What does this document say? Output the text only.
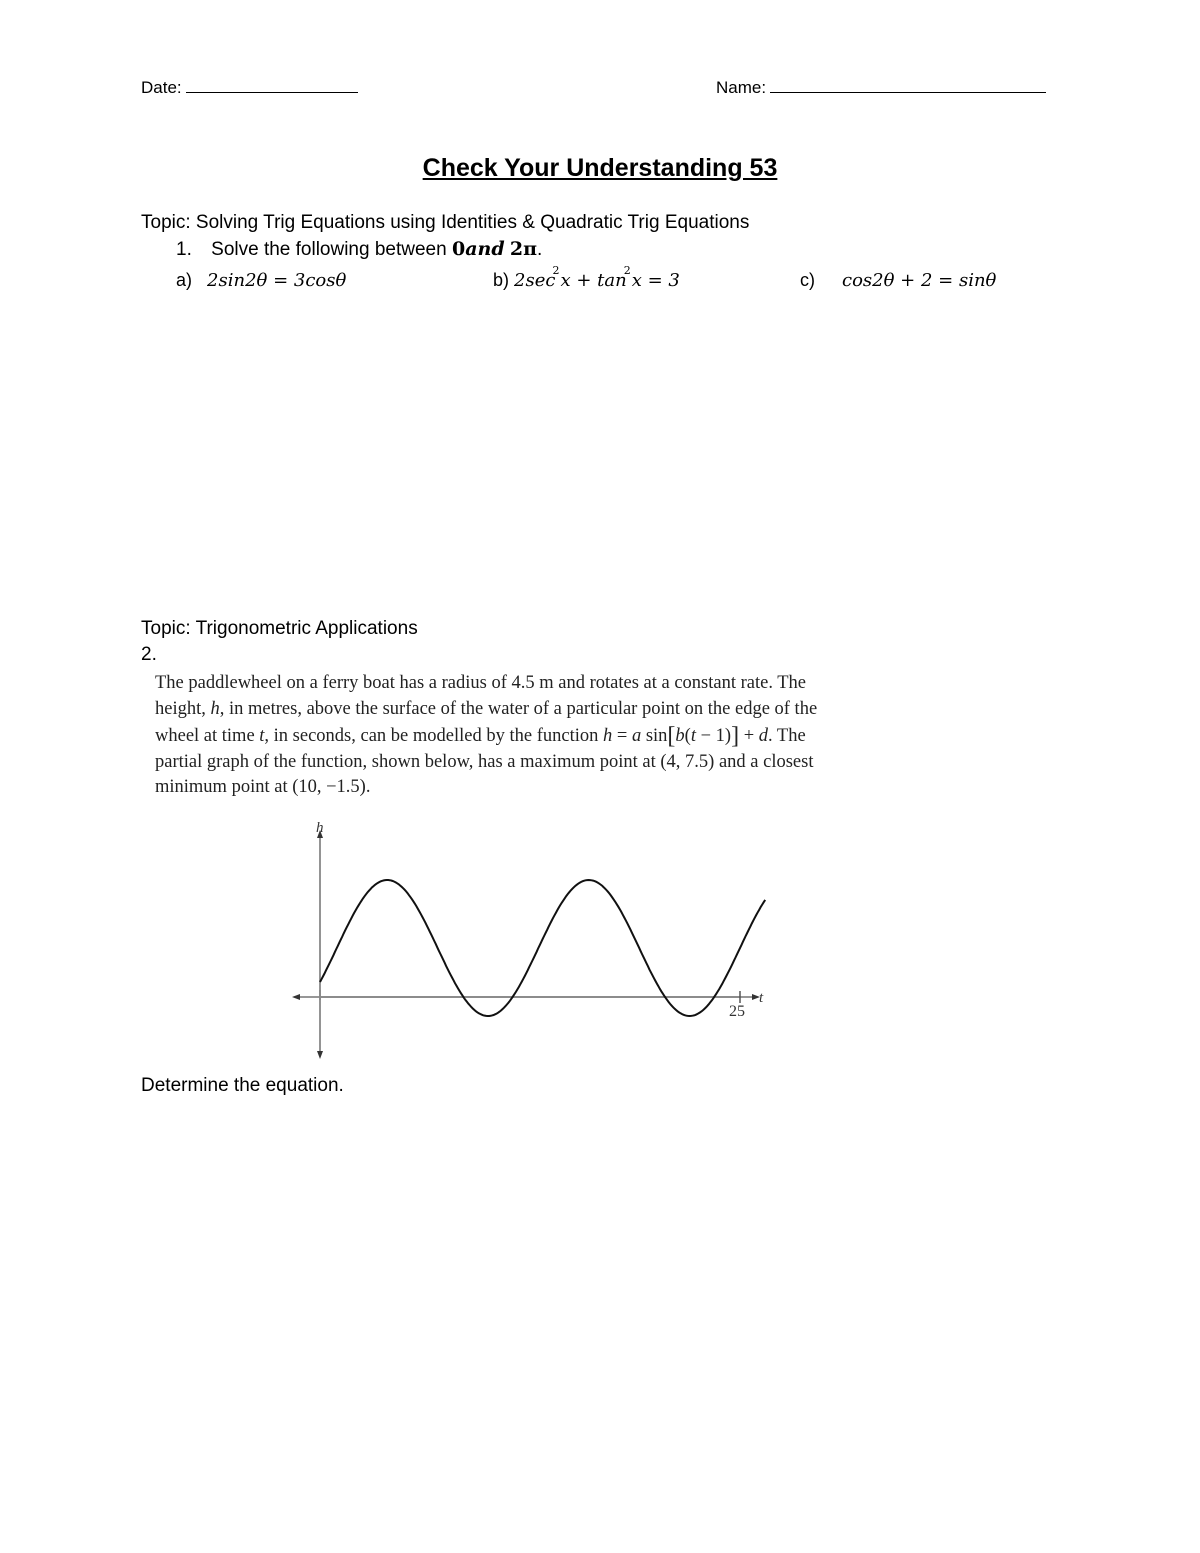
Date:	Name:
Check Your Understanding 53
Topic: Solving Trig Equations using Identities & Quadratic Trig Equations
1. Solve the following between 0and 2π.
a) 2sin2θ = 3cosθ	b) $2\sec^2x + \tan^2x = 3$	c) cos2θ + 2 = sinθ
Topic: Trigonometric Applications
2.
The paddlewheel on a ferry boat has a radius of 4.5 m and rotates at a constant rate. The
height, h, in metres, above the surface of the water of a particular point on the edge of the
wheel at time t, in seconds, can be modelled by the function h = a sin[b(t − 1)] + d. The
partial graph of the function, shown below, has a maximum point at (4, 7.5) and a closest
minimum point at (10, −1.5).
h
t
25
Determine the equation.
